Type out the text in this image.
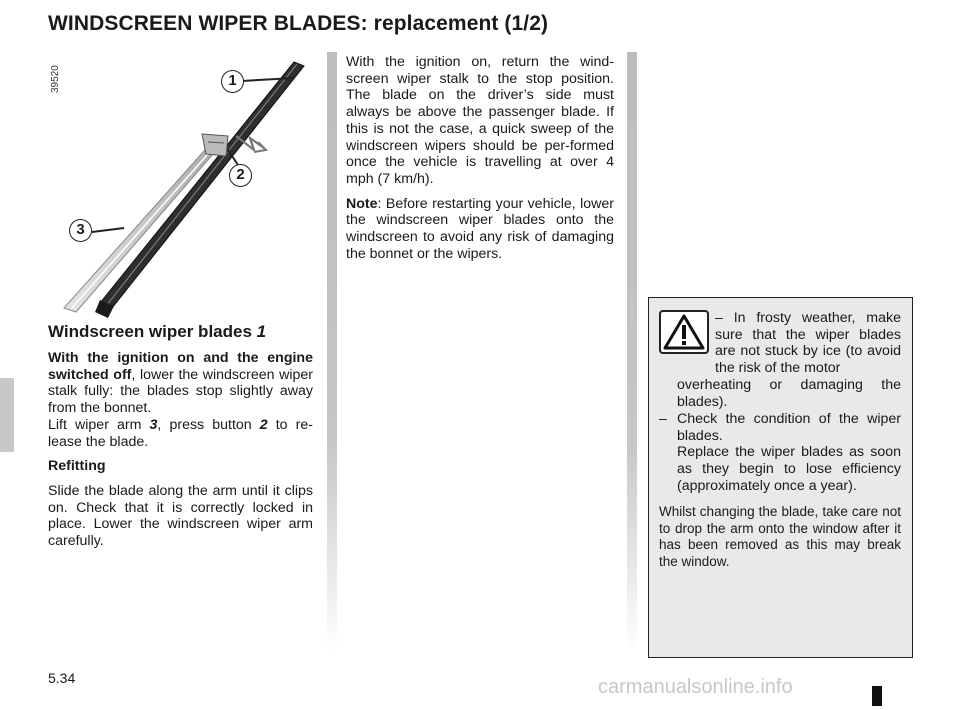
WINDSCREEN WIPER BLADES: replacement (1/2)
39520	1
2
3
Windscreen wiper blades 1

With the ignition on and the engine switched off, lower the windscreen wiper stalk fully: the blades stop slightly away from the bonnet.
Lift wiper arm 3, press button 2 to re-lease the blade.

Refitting

Slide the blade along the arm until it clips on. Check that it is correctly locked in place. Lower the windscreen wiper arm carefully.

With the ignition on, return the wind-screen wiper stalk to the stop position. The blade on the driver’s side must always be above the passenger blade. If this is not the case, a quick sweep of the windscreen wipers should be per-formed once the vehicle is travelling at over 4 mph (7 km/h).

Note: Before restarting your vehicle, lower the windscreen wiper blades onto the windscreen to avoid any risk of damaging the bonnet or the wipers.

– In frosty weather, make sure that the wiper blades are not stuck by ice (to avoid the risk of the motor
overheating or damaging the blades).
– Check the condition of the wiper blades.
Replace the wiper blades as soon as they begin to lose efficiency (approximately once a year).
Whilst changing the blade, take care not to drop the arm onto the window after it has been removed as this may break the window.
5.34	carmanualsonline.info
